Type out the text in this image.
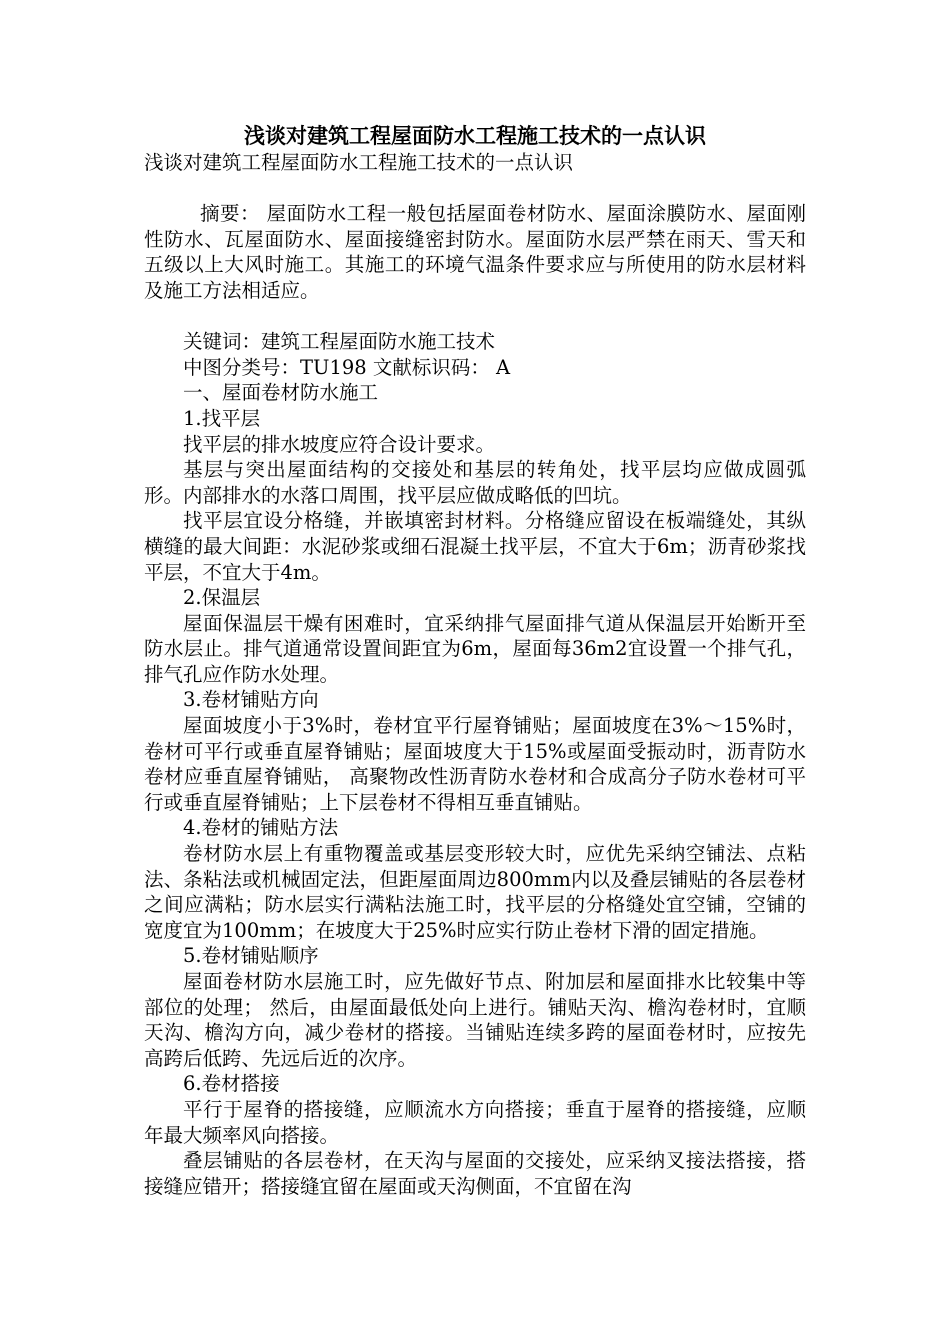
浅谈对建筑工程屋面防水工程施工技术的一点认识

浅谈对建筑工程屋面防水工程施工技术的一点认识

摘要： 屋面防水工程一般包括屋面卷材防水、屋面涂膜防水、屋面刚性防水、瓦屋面防水、屋面接缝密封防水。屋面防水层严禁在雨天、雪天和五级以上大风时施工。其施工的环境气温条件要求应与所使用的防水层材料及施工方法相适应。

关键词：建筑工程屋面防水施工技术

中图分类号：TU198 文献标识码： A

一、屋面卷材防水施工

1.找平层

找平层的排水坡度应符合设计要求。

基层与突出屋面结构的交接处和基层的转角处，找平层均应做成圆弧形。内部排水的水落口周围，找平层应做成略低的凹坑。

找平层宜设分格缝，并嵌填密封材料。分格缝应留设在板端缝处，其纵横缝的最大间距：水泥砂浆或细石混凝土找平层，不宜大于6m；沥青砂浆找平层，不宜大于4m。

2.保温层

屋面保温层干燥有困难时，宜采纳排气屋面排气道从保温层开始断开至防水层止。排气道通常设置间距宜为6m，屋面每36m2宜设置一个排气孔，排气孔应作防水处理。

3.卷材铺贴方向

屋面坡度小于3%时，卷材宜平行屋脊铺贴；屋面坡度在3%～15%时，卷材可平行或垂直屋脊铺贴；屋面坡度大于15%或屋面受振动时，沥青防水卷材应垂直屋脊铺贴， 高聚物改性沥青防水卷材和合成高分子防水卷材可平行或垂直屋脊铺贴；上下层卷材不得相互垂直铺贴。

4.卷材的铺贴方法

卷材防水层上有重物覆盖或基层变形较大时，应优先采纳空铺法、点粘法、条粘法或机械固定法，但距屋面周边800mm内以及叠层铺贴的各层卷材之间应满粘；防水层实行满粘法施工时，找平层的分格缝处宜空铺，空铺的宽度宜为100mm；在坡度大于25%时应实行防止卷材下滑的固定措施。

5.卷材铺贴顺序

屋面卷材防水层施工时，应先做好节点、附加层和屋面排水比较集中等部位的处理； 然后，由屋面最低处向上进行。铺贴天沟、檐沟卷材时，宜顺天沟、檐沟方向，减少卷材的搭接。当铺贴连续多跨的屋面卷材时，应按先高跨后低跨、先远后近的次序。

6.卷材搭接

平行于屋脊的搭接缝，应顺流水方向搭接；垂直于屋脊的搭接缝，应顺年最大频率风向搭接。

叠层铺贴的各层卷材，在天沟与屋面的交接处，应采纳叉接法搭接，搭接缝应错开；搭接缝宜留在屋面或天沟侧面，不宜留在沟
